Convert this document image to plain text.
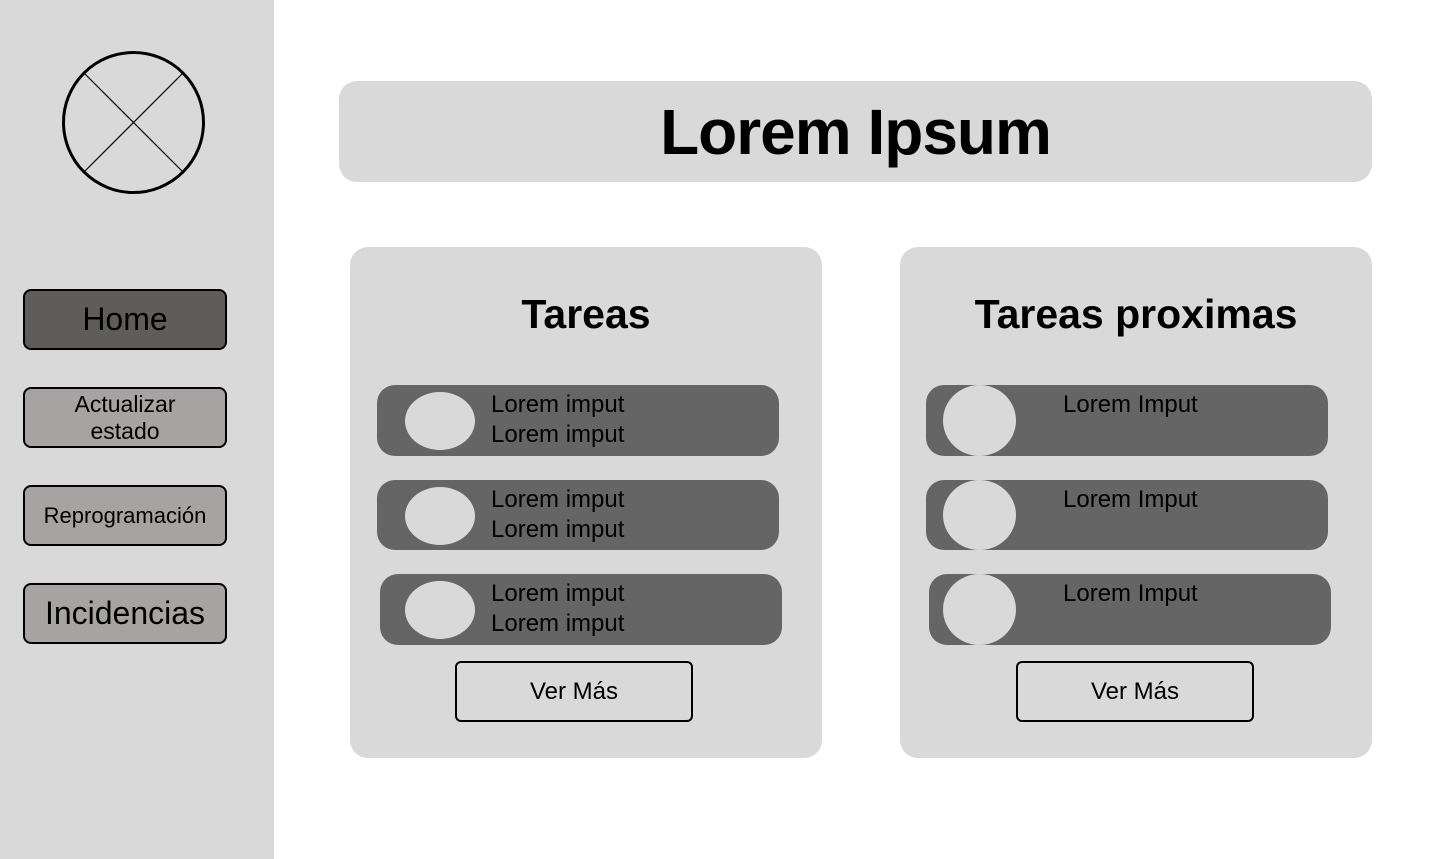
Home
Actualizar estado
Reprogramación
Incidencias
Lorem Ipsum
Tareas
Lorem imput
Lorem imput
Lorem imput
Lorem imput
Lorem imput
Lorem imput
Ver Más
Tareas proximas
Lorem Imput
Lorem Imput
Lorem Imput
Ver Más
